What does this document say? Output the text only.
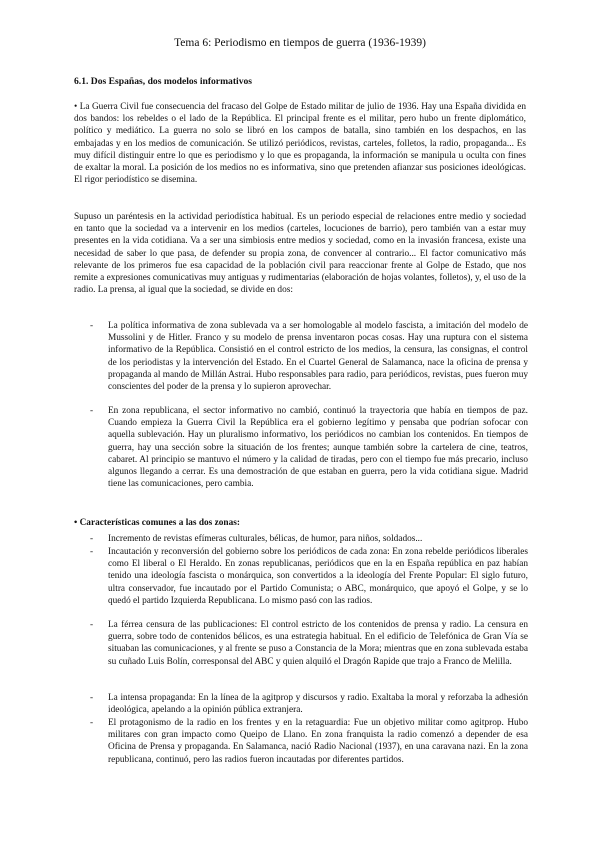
Tema 6: Periodismo en tiempos de guerra (1936-1939)
6.1. Dos Españas, dos modelos informativos

• La Guerra Civil fue consecuencia del fracaso del Golpe de Estado militar de julio de 1936. Hay una España dividida en dos bandos: los rebeldes o el lado de la República. El principal frente es el militar, pero hubo un frente diplomático, político y mediático. La guerra no solo se libró en los campos de batalla, sino también en los despachos, en las embajadas y en los medios de comunicación. Se utilizó periódicos, revistas, carteles, folletos, la radio, propaganda... Es muy difícil distinguir entre lo que es periodismo y lo que es propaganda, la información se manipula u oculta con fines de exaltar la moral. La posición de los medios no es informativa, sino que pretenden afianzar sus posiciones ideológicas. El rigor periodístico se disemina.

Supuso un paréntesis en la actividad periodística habitual. Es un periodo especial de relaciones entre medio y sociedad en tanto que la sociedad va a intervenir en los medios (carteles, locuciones de barrio), pero también van a estar muy presentes en la vida cotidiana. Va a ser una simbiosis entre medios y sociedad, como en la invasión francesa, existe una necesidad de saber lo que pasa, de defender su propia zona, de convencer al contrario... El factor comunicativo más relevante de los primeros fue esa capacidad de la población civil para reaccionar frente al Golpe de Estado, que nos remite a expresiones comunicativas muy antiguas y rudimentarias (elaboración de hojas volantes, folletos), y, el uso de la radio. La prensa, al igual que la sociedad, se divide en dos:

- La política informativa de zona sublevada va a ser homologable al modelo fascista, a imitación del modelo de Mussolini y de Hitler. Franco y su modelo de prensa inventaron pocas cosas. Hay una ruptura con el sistema informativo de la República. Consistió en el control estricto de los medios, la censura, las consignas, el control de los periodistas y la intervención del Estado. En el Cuartel General de Salamanca, nace la oficina de prensa y propaganda al mando de Millán Astrai. Hubo responsables para radio, para periódicos, revistas, pues fueron muy conscientes del poder de la prensa y lo supieron aprovechar.
- En zona republicana, el sector informativo no cambió, continuó la trayectoria que había en tiempos de paz. Cuando empieza la Guerra Civil la República era el gobierno legítimo y pensaba que podrían sofocar con aquella sublevación. Hay un pluralismo informativo, los periódicos no cambian los contenidos. En tiempos de guerra, hay una sección sobre la situación de los frentes; aunque también sobre la cartelera de cine, teatros, cabaret. Al principio se mantuvo el número y la calidad de tiradas, pero con el tiempo fue más precario, incluso algunos llegando a cerrar. Es una demostración de que estaban en guerra, pero la vida cotidiana sigue. Madrid tiene las comunicaciones, pero cambia.
• Características comunes a las dos zonas:
- Incremento de revistas efímeras culturales, bélicas, de humor, para niños, soldados...
- Incautación y reconversión del gobierno sobre los periódicos de cada zona: En zona rebelde periódicos liberales como El liberal o El Heraldo. En zonas republicanas, periódicos que en la en España república en paz habían tenido una ideología fascista o monárquica, son convertidos a la ideología del Frente Popular: El siglo futuro, ultra conservador, fue incautado por el Partido Comunista; o ABC, monárquico, que apoyó el Golpe, y se lo quedó el partido Izquierda Republicana. Lo mismo pasó con las radios.
- La férrea censura de las publicaciones: El control estricto de los contenidos de prensa y radio. La censura en guerra, sobre todo de contenidos bélicos, es una estrategia habitual. En el edificio de Telefónica de Gran Vía se situaban las comunicaciones, y al frente se puso a Constancia de la Mora; mientras que en zona sublevada estaba su cuñado Luis Bolín, corresponsal del ABC y quien alquiló el Dragón Rapide que trajo a Franco de Melilla.
- La intensa propaganda: En la línea de la agitprop y discursos y radio. Exaltaba la moral y reforzaba la adhesión ideológica, apelando a la opinión pública extranjera.
- El protagonismo de la radio en los frentes y en la retaguardia: Fue un objetivo militar como agitprop. Hubo militares con gran impacto como Queipo de Llano. En zona franquista la radio comenzó a depender de esa Oficina de Prensa y propaganda. En Salamanca, nació Radio Nacional (1937), en una caravana nazi. En la zona republicana, continuó, pero las radios fueron incautadas por diferentes partidos.
